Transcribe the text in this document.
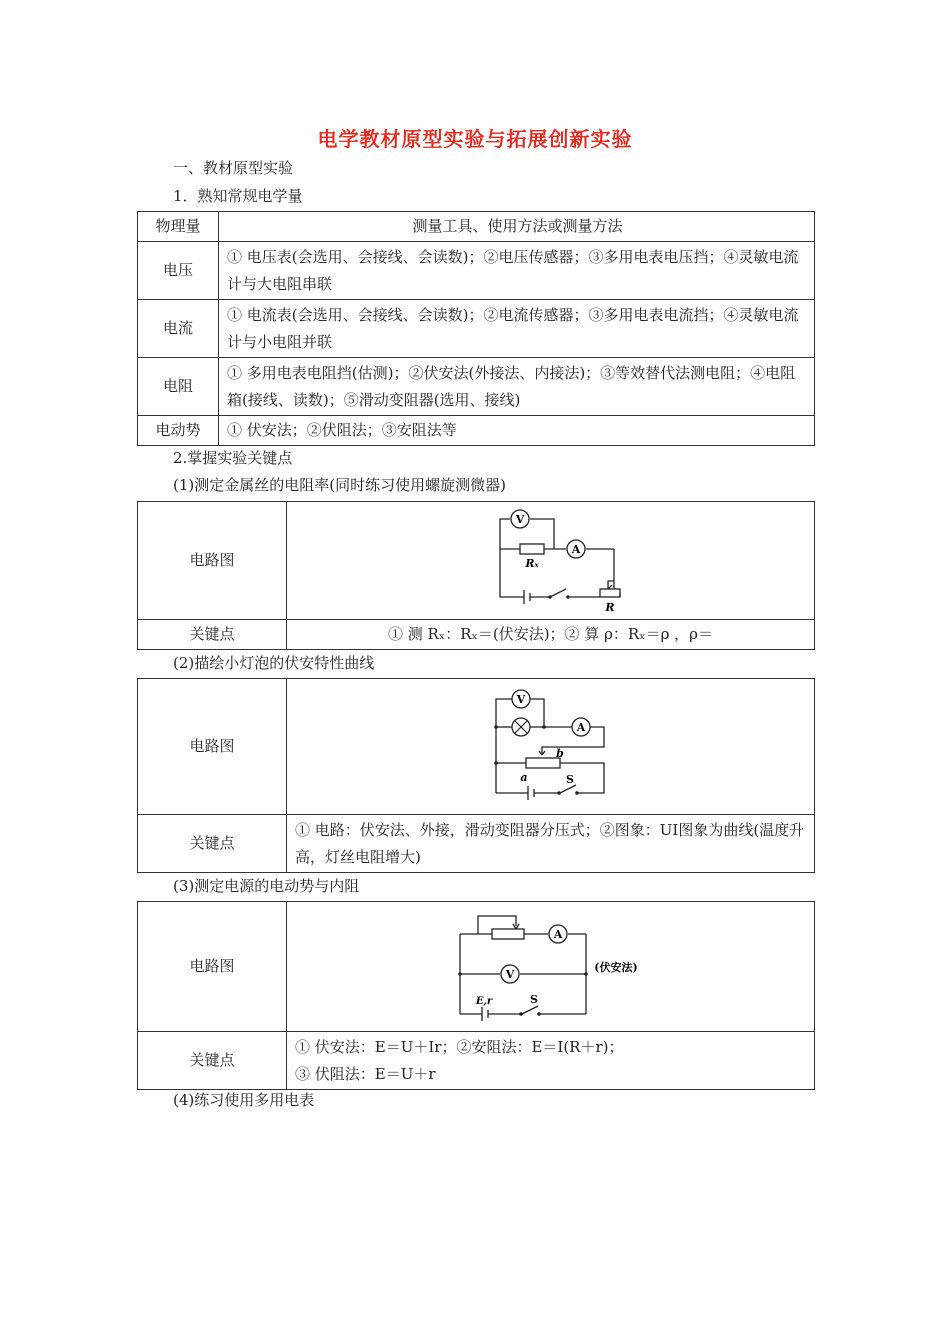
电学教材原型实验与拓展创新实验
一、教材原型实验
1．熟知常规电学量
物理量	测量工具、使用方法或测量方法
电压	① 电压表(会选用、会接线、会读数)；②电压传感器；③多用电表电压挡；④灵敏电流计与大电阻串联
电流	① 电流表(会选用、会接线、会读数)；②电流传感器；③多用电表电流挡；④灵敏电流计与小电阻并联
电阻	① 多用电表电阻挡(估测)；②伏安法(外接法、内接法)；③等效替代法测电阻；④电阻箱(接线、读数)；⑤滑动变阻器(选用、接线)
电动势	① 伏安法；②伏阻法；③安阻法等
2.掌握实验关键点
(1)测定金属丝的电阻率(同时练习使用螺旋测微器)
电路图	V
A
Rₓ
R

关键点	① 测 Rₓ：Rₓ＝(伏安法)；② 算 ρ：Rₓ＝ρ ，ρ＝
(2)描绘小灯泡的伏安特性曲线
电路图	V
A
a
b
S

关键点	① 电路：伏安法、外接，滑动变阻器分压式；②图象：UI图象为曲线(温度升高，灯丝电阻增大)
(3)测定电源的电动势与内阻
电路图	A
V
E,r S
(伏安法)

关键点	① 伏安法：E＝U＋Ir；②安阻法：E＝I(R＋r)；
③ 伏阻法：E＝U＋r
(4)练习使用多用电表
